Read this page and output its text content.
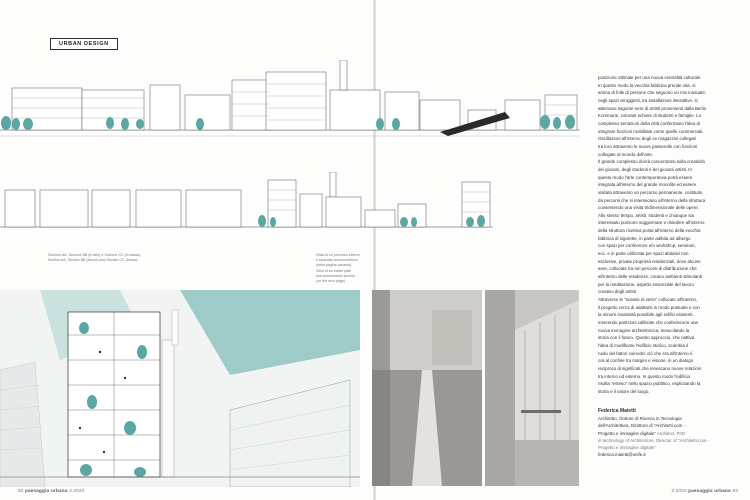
URBAN DESIGN
Sezione AA, Sezione BB (in alto) e Sezione CC (in basso)
Section AA, Section BB (above) and Section CC (below)
Vista di un percorso interno
e spaccato assonometrico
(nella pagina accanto)
View of an inside path
and axonometric section
(on the next page)

posizione ottimale per una nuova centralità culturale.

In questo modo la vecchia fabbrica prende vita, si

anima di folle di persone che seguono un mix inusuale:

negli spazi arrugginiti, tra installazioni interattive, si

alternano sagome nere di artisti provenienti dalla Berlin

Kommune, colorate schiere di studenti e famiglie. Lo

complesso seriazioni della città confermano l'idea di

integrare funzioni mobilitate come quelle commerciali.

Oscillazioni all'interno degli ex magazzini collegati

tra loro attraverso le nuove passerelle con funzioni

collegate al mondo dell'arte.

Il grande complesso dovrà concentrarsi sulla creatività

dei giovani, degli studenti e dei giovani artisti. In

questo modo l'arte contemporanea potrà essere

integrata all'interno del grande monolite ed essere

visitata attraverso un percorso permanente, costituito

da percorsi che si intersecano all'interno della struttura

consentendo una visita tridimensionale delle opere.

Allo stesso tempo, artisti, studenti e chiunque sia

interessato possono soggiornare e risiedere all'interno

della struttura ricettiva posta all'interno della vecchia

fabbrica di sigarette, in parte adibita ad albergo

con spazi per conferenze e/o workshop, seminari,

ecc. e in parte utilizzata per spazi abitativi non

esclusive, private proprietà residenziali, dove alcune

aree, collocate tra nei percorsi di distribuzione che

all'interno delle residenze, creano ambienti stimolanti

per la meditazione, aspetto essenziale del lavoro

creativo degli artisti.

Attraverso le "scatole di vetro" collocate all'interno,

il progetto cerca di adattarsi in modo puntuale e con

la minore invasività possibile agli edifici esistenti,

inserendo partizioni calibrate che conferiscono una

nuova immagine architettonica, mescolando la

storia con il futuro. Questo approccio, che riattiva

l'idea di modificare l'edificio storico, scambia il

ruolo dei fattori coinvolti: ciò che era all'interno è

ora al confine tra margini e visione, in un dialogo

reciproco di significati che innescano nuove relazioni

tra interno ed esterno. In questo modo l'edificio

risulta "esteso" nello spazio pubblico, esplicitando la

storia e il valore del luogo.

Federica Maietti
Architetto, Dottore di Ricerca in Tecnologia
dell'Architettura, Direttore di "Architetti.com -
Progetto e immagine digitale" Architect, PhD
in technology of Architecture, Director of "Architetti.com -
Progetto e immagine digitale"
federica.maietti@unife.it
82 paesaggio urbano 3.2020	3.2020 paesaggio urbano 83
